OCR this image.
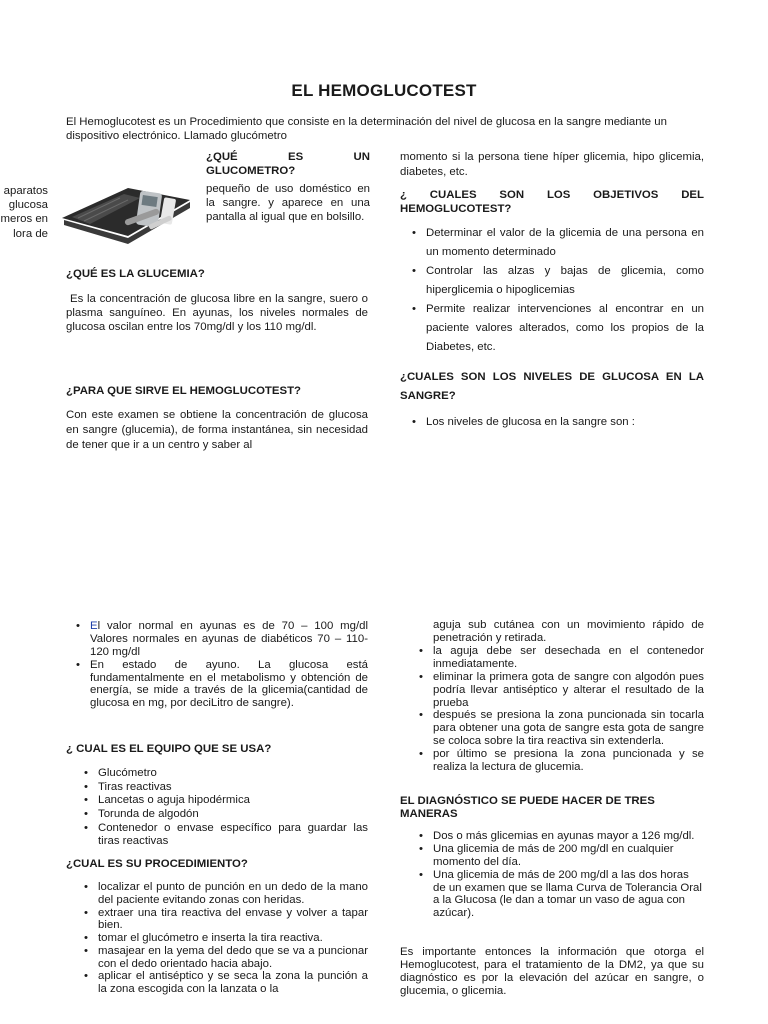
EL HEMOGLUCOTEST
El Hemoglucotest es un Procedimiento que consiste en la determinación del nivel de glucosa en la sangre mediante un dispositivo electrónico. Llamado glucómetro
aparatos
glucosa
meros en
lora de
¿QUÉ ES UN
GLUCOMETRO?
pequeño de uso doméstico en la sangre. y aparece en una pantalla al igual que en bolsillo.
¿QUÉ ES LA GLUCEMIA?
Es la concentración de glucosa libre en la sangre, suero o plasma sanguíneo. En ayunas, los niveles normales de glucosa oscilan entre los 70mg/dl y los 110 mg/dl.
¿PARA QUE SIRVE EL HEMOGLUCOTEST?
Con este examen se obtiene la concentración de glucosa en sangre (glucemia), de forma instantánea, sin necesidad de tener que ir a un centro y saber al
momento si la persona tiene híper glicemia, hipo glicemia, diabetes, etc.
¿ CUALES SON LOS OBJETIVOS DEL
HEMOGLUCOTEST?
• Determinar el valor de la glicemia de una persona en un momento determinado
• Controlar las alzas y bajas de glicemia, como hiperglicemia o hipoglicemias
• Permite realizar intervenciones al encontrar en un paciente valores alterados, como los propios de la Diabetes, etc.
¿CUALES SON LOS NIVELES DE GLUCOSA EN LA SANGRE?
• Los niveles de glucosa en la sangre son :
• El valor normal en ayunas es de 70 – 100 mg/dl Valores normales en ayunas de diabéticos 70 – 110- 120 mg/dl
• En estado de ayuno. La glucosa está fundamentalmente en el metabolismo y obtención de energía, se mide a través de la glicemia(cantidad de glucosa en mg, por deciLitro de sangre).
¿ CUAL ES EL EQUIPO QUE SE USA?
• Glucómetro
• Tiras reactivas
• Lancetas o aguja hipodérmica
• Torunda de algodón
• Contenedor o envase específico para guardar las tiras reactivas
¿CUAL ES SU PROCEDIMIENTO?
• localizar el punto de punción en un dedo de la mano del paciente evitando zonas con heridas.
• extraer una tira reactiva del envase y volver a tapar bien.
• tomar el glucómetro e inserta la tira reactiva.
• masajear en la yema del dedo que se va a puncionar con el dedo orientado hacia abajo.
• aplicar el antiséptico y se seca la zona la punción a la zona escogida con la lanzata o la
aguja sub cutánea con un movimiento rápido de penetración y retirada.
• la aguja debe ser desechada en el contenedor inmediatamente.
• eliminar la primera gota de sangre con algodón pues podría llevar antiséptico y alterar el resultado de la prueba
• después se presiona la zona puncionada sin tocarla para obtener una gota de sangre esta gota de sangre se coloca sobre la tira reactiva sin extenderla.
• por último se presiona la zona puncionada y se realiza la lectura de glucemia.
EL DIAGNÓSTICO SE PUEDE HACER DE TRES MANERAS
• Dos o más glicemias en ayunas mayor a 126 mg/dl.
• Una glicemia de más de 200 mg/dl en cualquier momento del día.
• Una glicemia de más de 200 mg/dl a las dos horas de un examen que se llama Curva de Tolerancia Oral a la Glucosa (le dan a tomar un vaso de agua con azúcar).
Es importante entonces la información que otorga el Hemoglucotest, para el tratamiento de la DM2, ya que su diagnóstico es por la elevación del azúcar en sangre, o glucemia, o glicemia.
